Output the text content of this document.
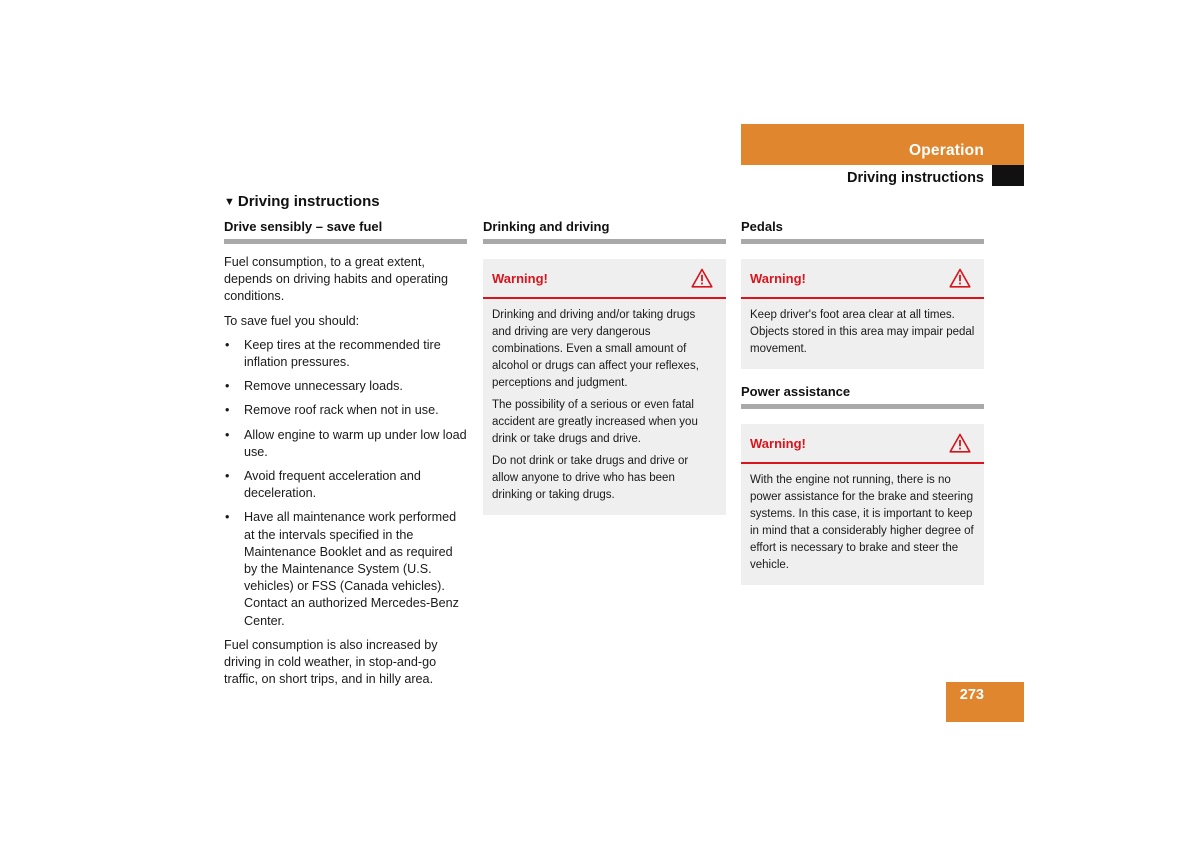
Operation
Driving instructions
▼ Driving instructions
Drive sensibly – save fuel

Fuel consumption, to a great extent, depends on driving habits and operating conditions.

To save fuel you should:

• Keep tires at the recommended tire inflation pressures.
• Remove unnecessary loads.
• Remove roof rack when not in use.
• Allow engine to warm up under low load use.
• Avoid frequent acceleration and deceleration.
• Have all maintenance work performed at the intervals specified in the Maintenance Booklet and as required by the Maintenance System (U.S. vehicles) or FSS (Canada vehicles). Contact an authorized Mercedes-Benz Center.

Fuel consumption is also increased by driving in cold weather, in stop-and-go traffic, on short trips, and in hilly area.

Drinking and driving
Warning!

Drinking and driving and/or taking drugs and driving are very dangerous combinations. Even a small amount of alcohol or drugs can affect your reflexes, perceptions and judgment.

The possibility of a serious or even fatal accident are greatly increased when you drink or take drugs and drive.

Do not drink or take drugs and drive or allow anyone to drive who has been drinking or taking drugs.

Pedals
Warning!

Keep driver's foot area clear at all times. Objects stored in this area may impair pedal movement.

Power assistance
Warning!

With the engine not running, there is no power assistance for the brake and steering systems. In this case, it is important to keep in mind that a considerably higher degree of effort is necessary to brake and steer the vehicle.

273
